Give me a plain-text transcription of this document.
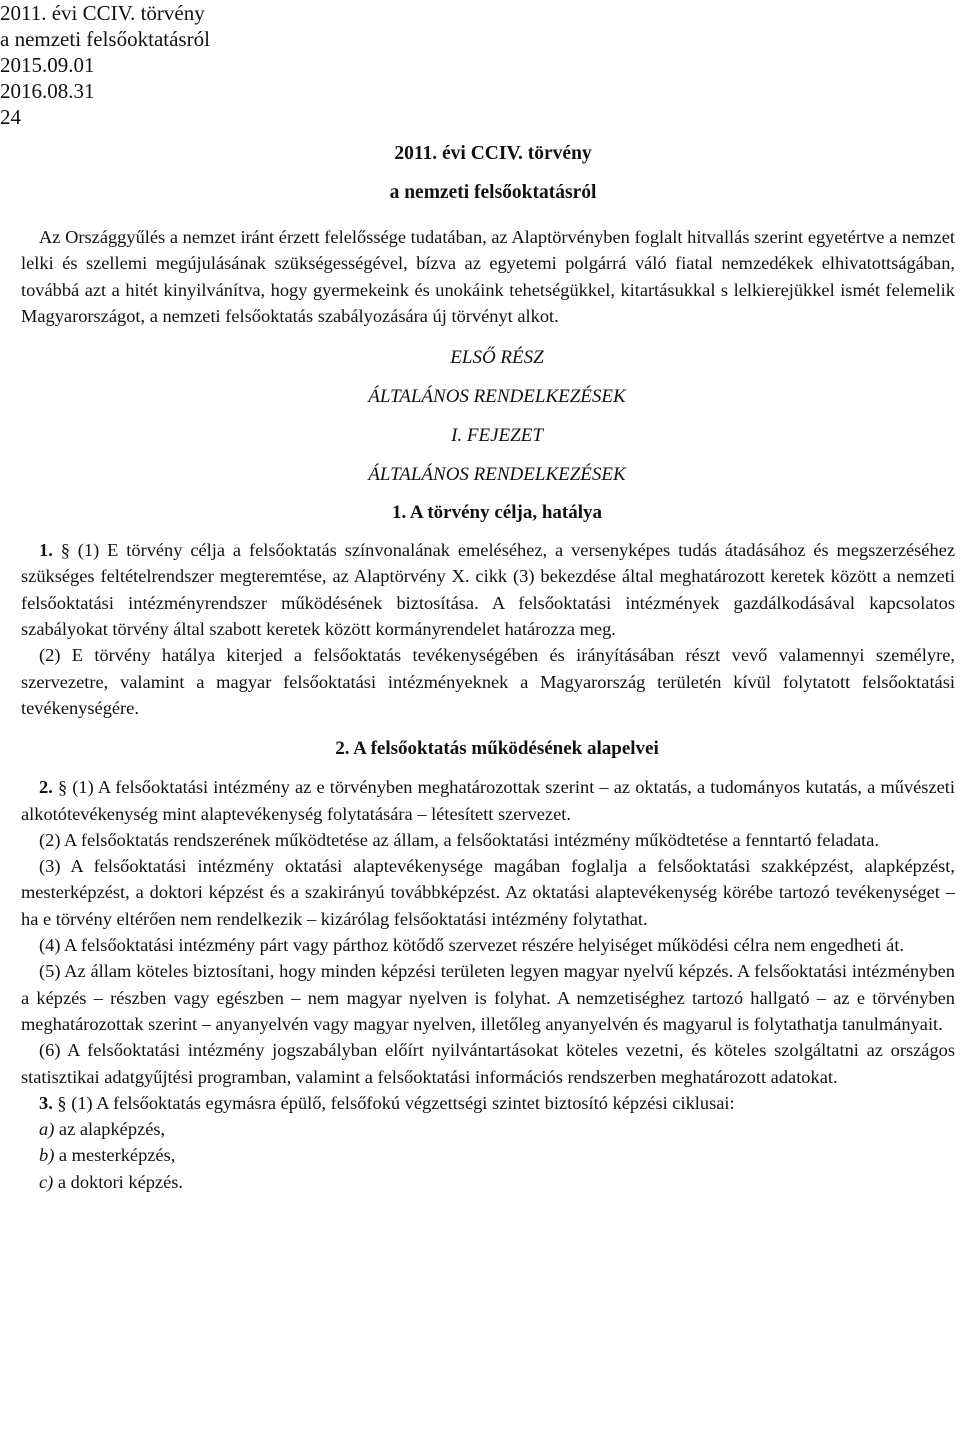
2011. évi CCIV. törvény
a nemzeti felsőoktatásról
2015.09.01
2016.08.31
24
2011. évi CCIV. törvény
a nemzeti felsőoktatásról

Az Országgyűlés a nemzet iránt érzett felelőssége tudatában, az Alaptörvényben foglalt hitvallás szerint egyetértve a nemzet lelki és szellemi megújulásának szükségességével, bízva az egyetemi polgárrá váló fiatal nemzedékek elhivatottságában, továbbá azt a hitét kinyilvánítva, hogy gyermekeink és unokáink tehetségükkel, kitartásukkal s lelkierejükkel ismét felemelik Magyarországot, a nemzeti felsőoktatás szabályozására új törvényt alkot.

ELSŐ RÉSZ
ÁLTALÁNOS RENDELKEZÉSEK
I. FEJEZET
ÁLTALÁNOS RENDELKEZÉSEK
1. A törvény célja, hatálya

1. § (1) E törvény célja a felsőoktatás színvonalának emeléséhez, a versenyképes tudás átadásához és megszerzéséhez szükséges feltételrendszer megteremtése, az Alaptörvény X. cikk (3) bekezdése által meghatározott keretek között a nemzeti felsőoktatási intézményrendszer működésének biztosítása. A felsőoktatási intézmények gazdálkodásával kapcsolatos szabályokat törvény által szabott keretek között kormányrendelet határozza meg.

(2) E törvény hatálya kiterjed a felsőoktatás tevékenységében és irányításában részt vevő valamennyi személyre, szervezetre, valamint a magyar felsőoktatási intézményeknek a Magyarország területén kívül folytatott felsőoktatási tevékenységére.

2. A felsőoktatás működésének alapelvei

2. § (1) A felsőoktatási intézmény az e törvényben meghatározottak szerint – az oktatás, a tudományos kutatás, a művészeti alkotótevékenység mint alaptevékenység folytatására – létesített szervezet.

(2) A felsőoktatás rendszerének működtetése az állam, a felsőoktatási intézmény működtetése a fenntartó feladata.

(3) A felsőoktatási intézmény oktatási alaptevékenysége magában foglalja a felsőoktatási szakképzést, alapképzést, mesterképzést, a doktori képzést és a szakirányú továbbképzést. Az oktatási alaptevékenység körébe tartozó tevékenységet – ha e törvény eltérően nem rendelkezik – kizárólag felsőoktatási intézmény folytathat.

(4) A felsőoktatási intézmény párt vagy párthoz kötődő szervezet részére helyiséget működési célra nem engedheti át.

(5) Az állam köteles biztosítani, hogy minden képzési területen legyen magyar nyelvű képzés. A felsőoktatási intézményben a képzés – részben vagy egészben – nem magyar nyelven is folyhat. A nemzetiséghez tartozó hallgató – az e törvényben meghatározottak szerint – anyanyelvén vagy magyar nyelven, illetőleg anyanyelvén és magyarul is folytathatja tanulmányait.

(6) A felsőoktatási intézmény jogszabályban előírt nyilvántartásokat köteles vezetni, és köteles szolgáltatni az országos statisztikai adatgyűjtési programban, valamint a felsőoktatási információs rendszerben meghatározott adatokat.

3. § (1) A felsőoktatás egymásra épülő, felsőfokú végzettségi szintet biztosító képzési ciklusai:

a) az alapképzés,

b) a mesterképzés,

c) a doktori képzés.
